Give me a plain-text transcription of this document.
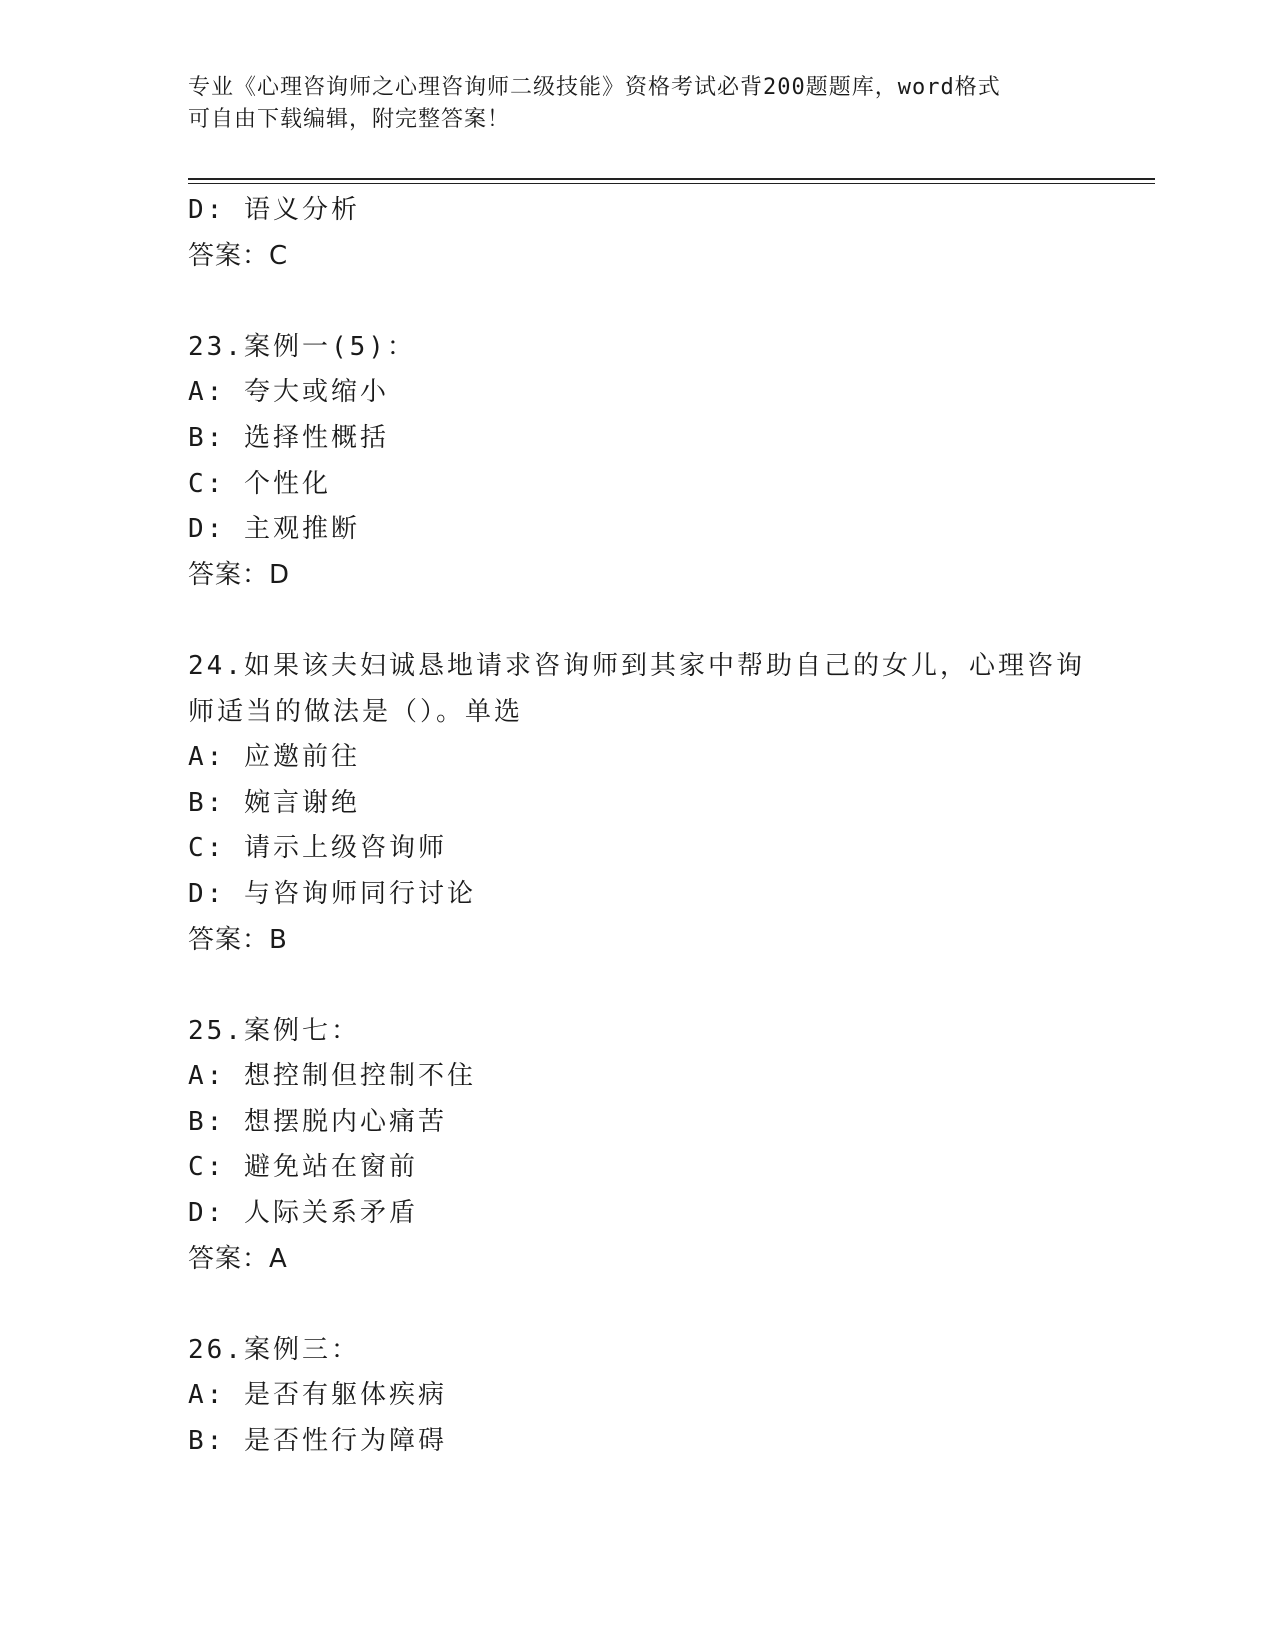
专业《心理咨询师之心理咨询师二级技能》资格考试必背200题题库，word格式
可自由下载编辑，附完整答案！
D: 语义分析
答案：C
23.案例一(5)：
A: 夸大或缩小
B: 选择性概括
C: 个性化
D: 主观推断
答案：D
24.如果该夫妇诚恳地请求咨询师到其家中帮助自己的女儿，心理咨询
师适当的做法是（）。单选
A: 应邀前往
B: 婉言谢绝
C: 请示上级咨询师
D: 与咨询师同行讨论
答案：B
25.案例七：
A: 想控制但控制不住
B: 想摆脱内心痛苦
C: 避免站在窗前
D: 人际关系矛盾
答案：A
26.案例三：
A: 是否有躯体疾病
B: 是否性行为障碍
